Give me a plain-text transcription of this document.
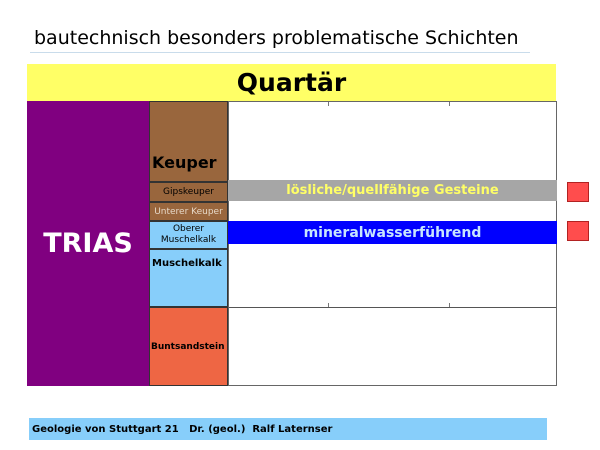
bautechnisch besonders problematische Schichten
Quartär
TRIAS
Keuper
Gipskeuper
Unterer Keuper
Oberer
Muschelkalk
Muschelkalk
Buntsandstein
lösliche/quellfähige Gesteine
mineralwasserführend
Geologie von Stuttgart 21   Dr. (geol.)  Ralf Laternser
